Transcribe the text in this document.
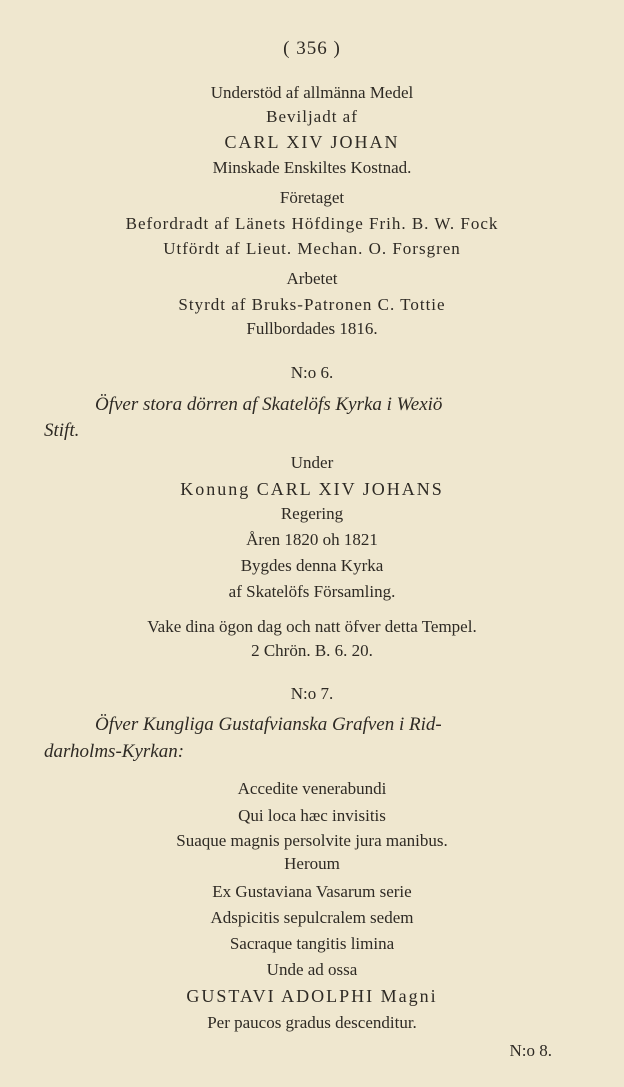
( 356 )
Understöd af allmänna Medel
Beviljadt af
CARL XIV JOHAN
Minskade Enskiltes Kostnad.
Företaget
Befordradt af Länets Höfdinge Frih. B. W. Fock
Utfördt af Lieut. Mechan. O. Forsgren
Arbetet
Styrdt af Bruks-Patronen C. Tottie
Fullbordades 1816.
N:o 6.
Öfver stora dörren af Skatelöfs Kyrka i Wexiö
Stift.
Under
Konung CARL XIV JOHANS
Regering
Åren 1820 oh 1821
Bygdes denna Kyrka
af Skatelöfs Församling.
Vake dina ögon dag och natt öfver detta Tempel.
2 Chrön. B. 6. 20.
N:o 7.
Öfver Kungliga Gustafvianska Grafven i Rid-
darholms-Kyrkan:
Accedite venerabundi
Qui loca hæc invisitis
Suaque magnis persolvite jura manibus.
Heroum
Ex Gustaviana Vasarum serie
Adspicitis sepulcralem sedem
Sacraque tangitis limina
Unde ad ossa
GUSTAVI ADOLPHI Magni
Per paucos gradus descenditur.
N:o 8.
